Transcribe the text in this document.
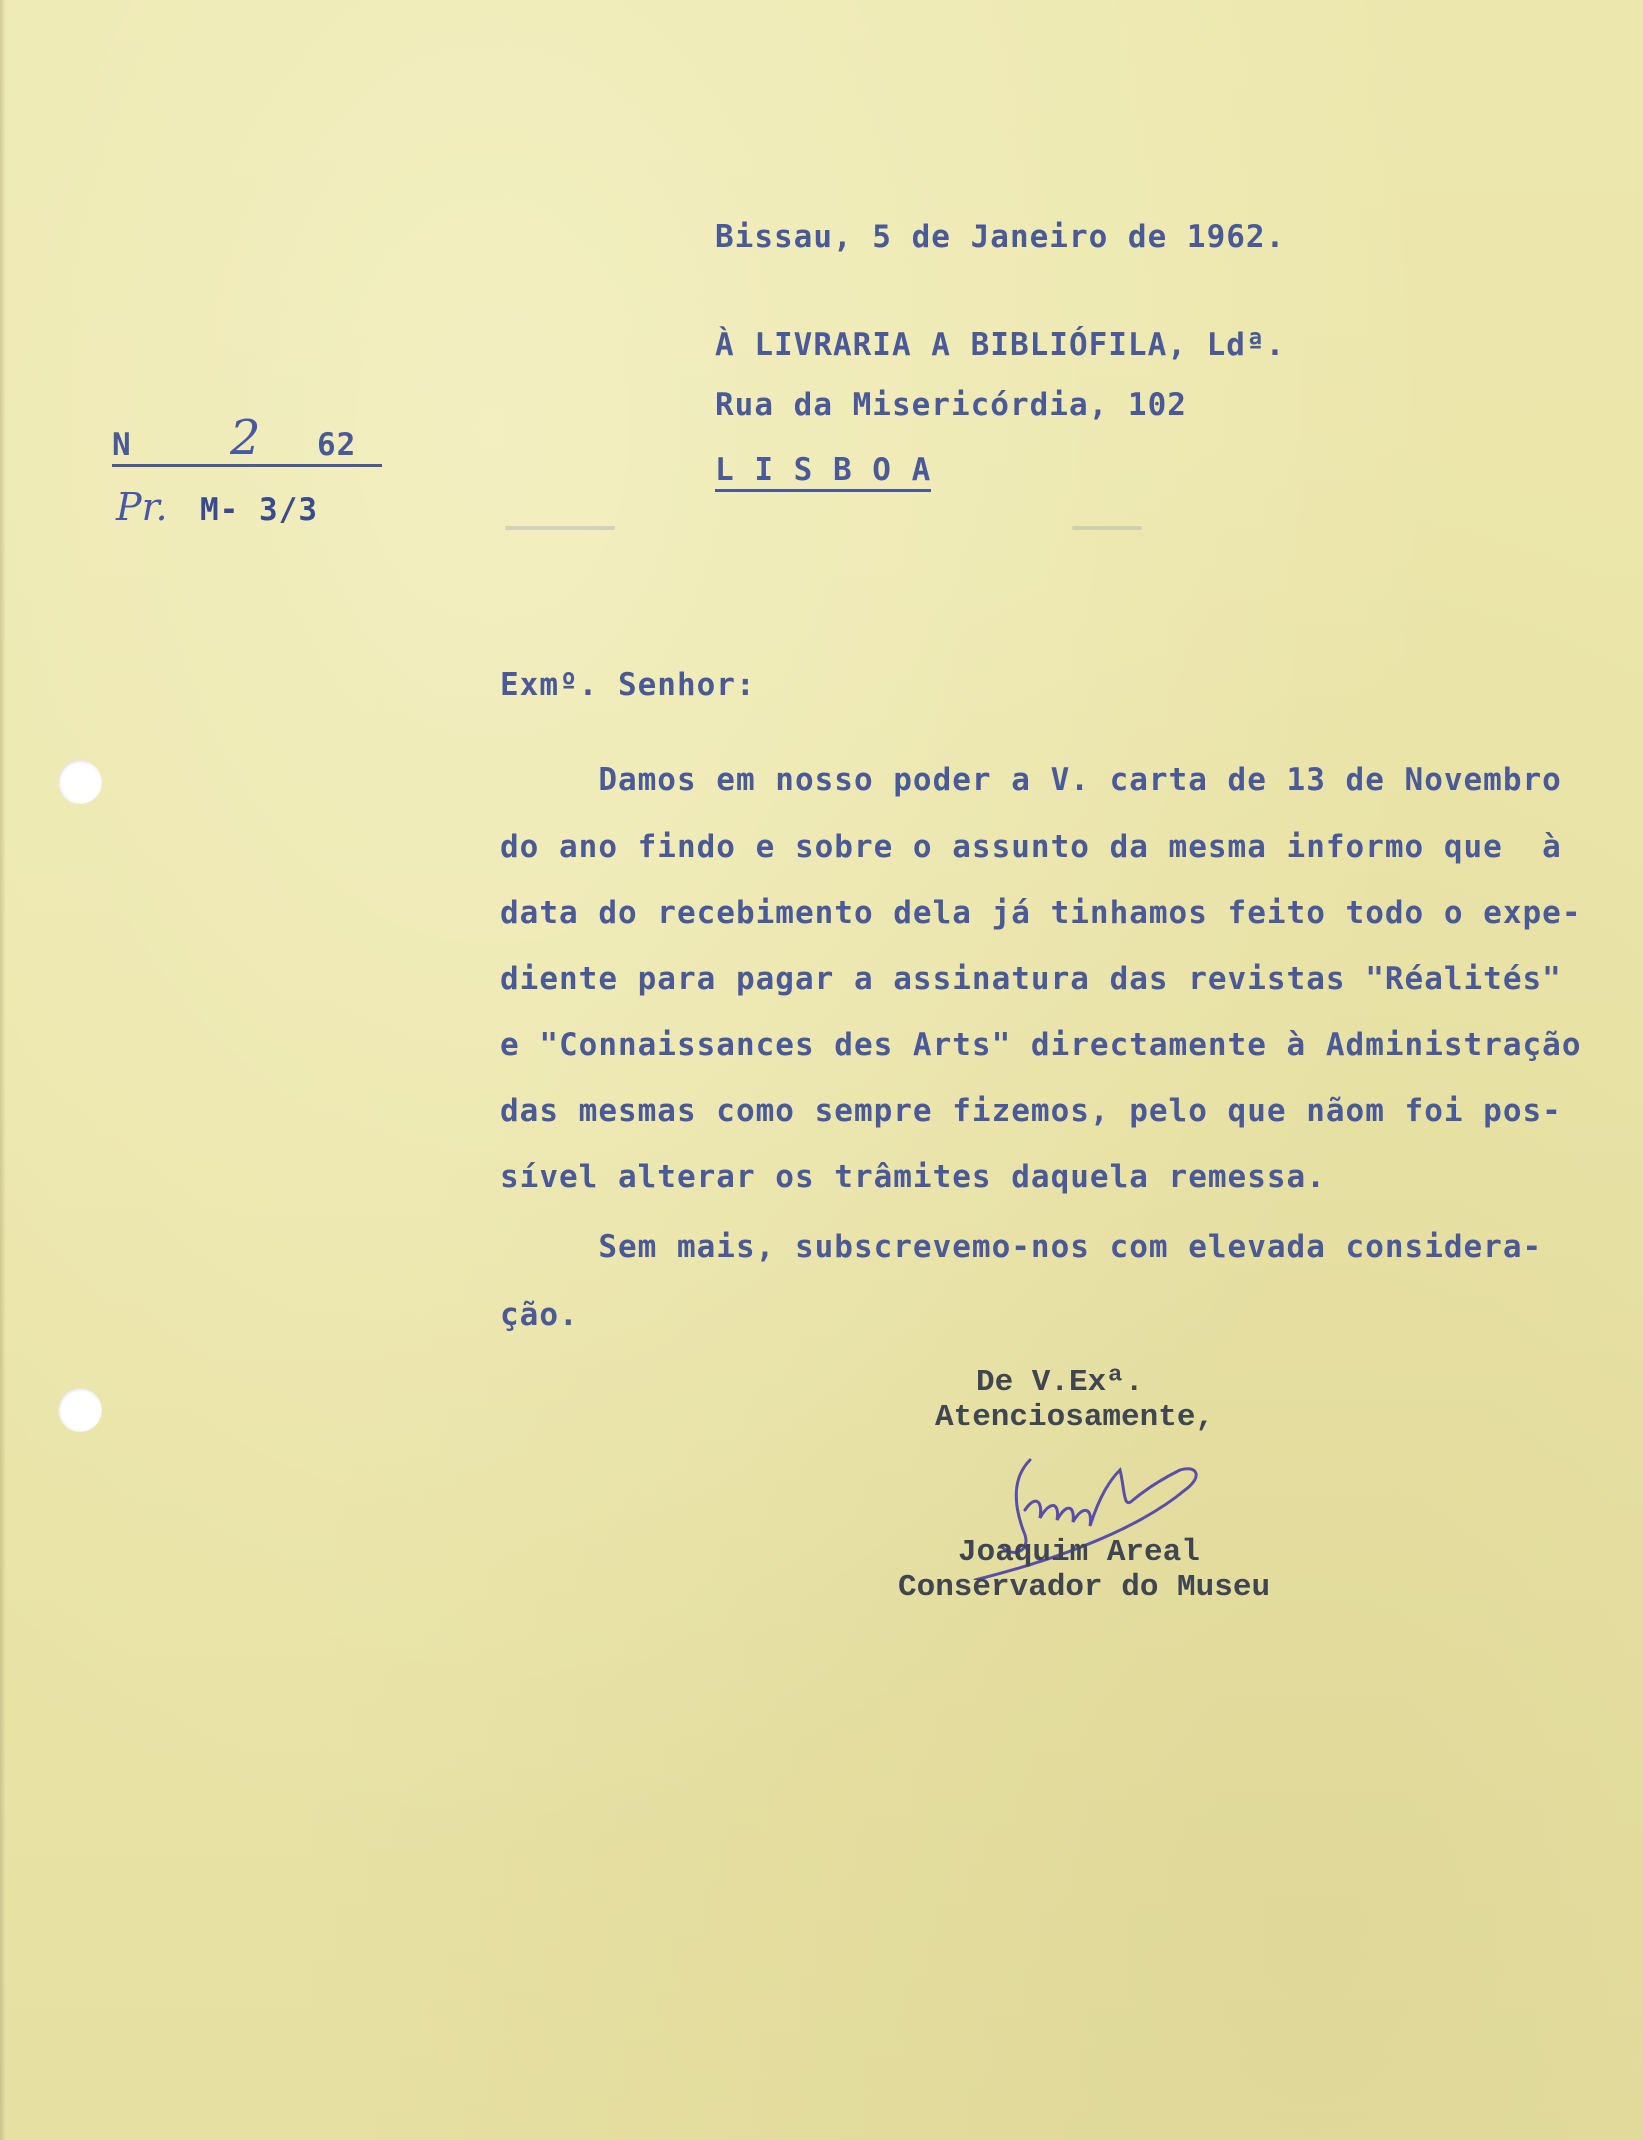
Bissau, 5 de Janeiro de 1962.
À LIVRARIA A BIBLIÓFILA, Ldª.
Rua da Misericórdia, 102
L I S B O A
N 2 62
Pr. M- 3/3
Exmº. Senhor:
Damos em nosso poder a V. carta de 13 de Novembro
do ano findo e sobre o assunto da mesma informo que  à
data do recebimento dela já tinhamos feito todo o expe-
diente para pagar a assinatura das revistas "Réalités"
e "Connaissances des Arts" directamente à Administração
das mesmas como sempre fizemos, pelo que nãom foi pos-
sível alterar os trâmites daquela remessa.
Sem mais, subscrevemo-nos com elevada considera-
ção.
De V.Exª.
Atenciosamente,
Joaquim Areal
Conservador do Museu
